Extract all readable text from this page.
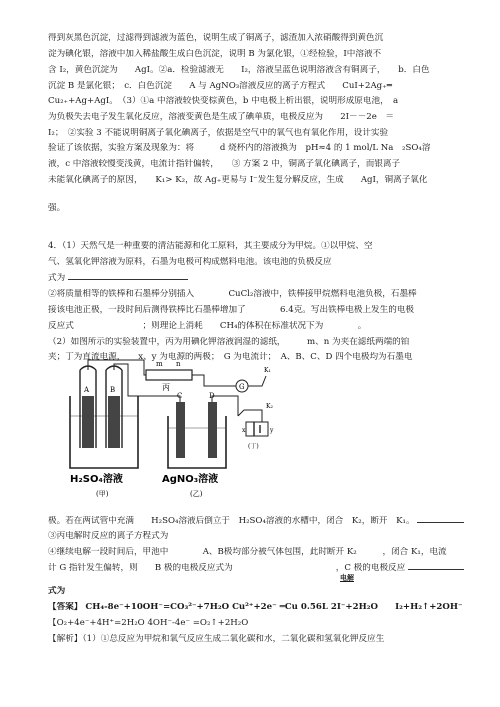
得到灰黑色沉淀，过滤得到滤液为蓝色，说明生成了铜离子，滤渣加入浓硝酸得到黄色沉
淀为碘化银，溶液中加入稀盐酸生成白色沉淀，说明 B 为氯化银，①经检验，Ⅰ中溶液不
含 I₂，黄色沉淀为　　AgI。②a．检验滤液无　　I₂，溶液呈蓝色说明溶液含有铜离子，　　b．白色
沉淀 B 是氯化银；　c．白色沉淀　　A 与 AgNO₃溶液反应的离子方程式　　CuI+2Ag₊═
Cu₂₊+Ag+AgI。　（3）①a 中溶液较快变棕黄色，b 中电极上析出银，说明形成原电池，　a
为负极失去电子发生氧化反应，溶液变黄色是生成了碘单质，电极反应为　　2I－－2e　＝
I₂；　②实验 3 不能说明铜离子氧化碘离子，依据是空气中的氧气也有氧化作用，设计实验
验证了该依据，实验方案及现象为：将　　　d 烧杯内的溶液换为　pH≈4 的 1 mol/L Na　₂SO₄溶
液，c 中溶液较慢变浅黄，电流计指针偏转，　　③ 方案 2 中，铜离子氧化碘离子，而银离子
未能氧化碘离子的原因，　　K₁> K₂，故 Ag₊更易与 I⁻发生复分解反应，生成　　AgI，铜离子氧化
强。
4．（1）天然气是一种重要的清洁能源和化工原料，其主要成分为甲烷。①以甲烷、空
气、氢氧化钾溶液为原料，石墨为电极可构成燃料电池。该电池的负极反应
式为
②将质量相等的铁棒和石墨棒分别插入　　　　CuCl₂溶液中，铁棒接甲烷燃料电池负极，石墨棒
接该电池正极，一段时间后测得铁棒比石墨棒增加了　　　　6.4克。写出铁棒电极上发生的电极
反应式　　　　　　　　；则理论上消耗　　CH₄的体积在标准状况下为　　　　。
（2）如图所示的实验装置中，丙为用碘化钾溶液润湿的滤纸，　　　m、n 为夹在滤纸两端的铂
夹；丁为直流电源，　　x、y 为电源的两极；　G 为电流计；　A、B、C、D 四个电极均为石墨电
m n
丙	G
K₁
K₂
x	y
(丁)
A	B
C	D
H₂SO₄溶液	AgNO₃溶液
(甲)	(乙)
极。若在两试管中充满　　H₂SO₄溶液后倒立于　H₂SO₄溶液的水槽中，闭合　K₂，断开　K₁。
③丙电解时反应的离子方程式为
④继续电解一段时间后，甲池中　　　　A、B极均部分被气体包围，此时断开 K₂　　　，闭合 K₁，电流
计 G 指针发生偏转，则　　B 极的电极反应式为　　　　　　　　　　　　，C 极的电极反应
电解
式为
【答案】 CH₄-8e⁻+10OH⁻=CO₃²⁻+7H₂O Cu²⁺+2e⁻ ═Cu 0.56L 2I⁻+2H₂O　　I₂+H₂↑+2OH⁻
【O₂+4e⁻+4H⁺=2H₂O 4OH⁻-4e⁻ =O₂↑+2H₂O
【解析】（1）①总反应为甲烷和氧气反应生成二氧化碳和水，二氧化碳和氢氧化钾反应生
